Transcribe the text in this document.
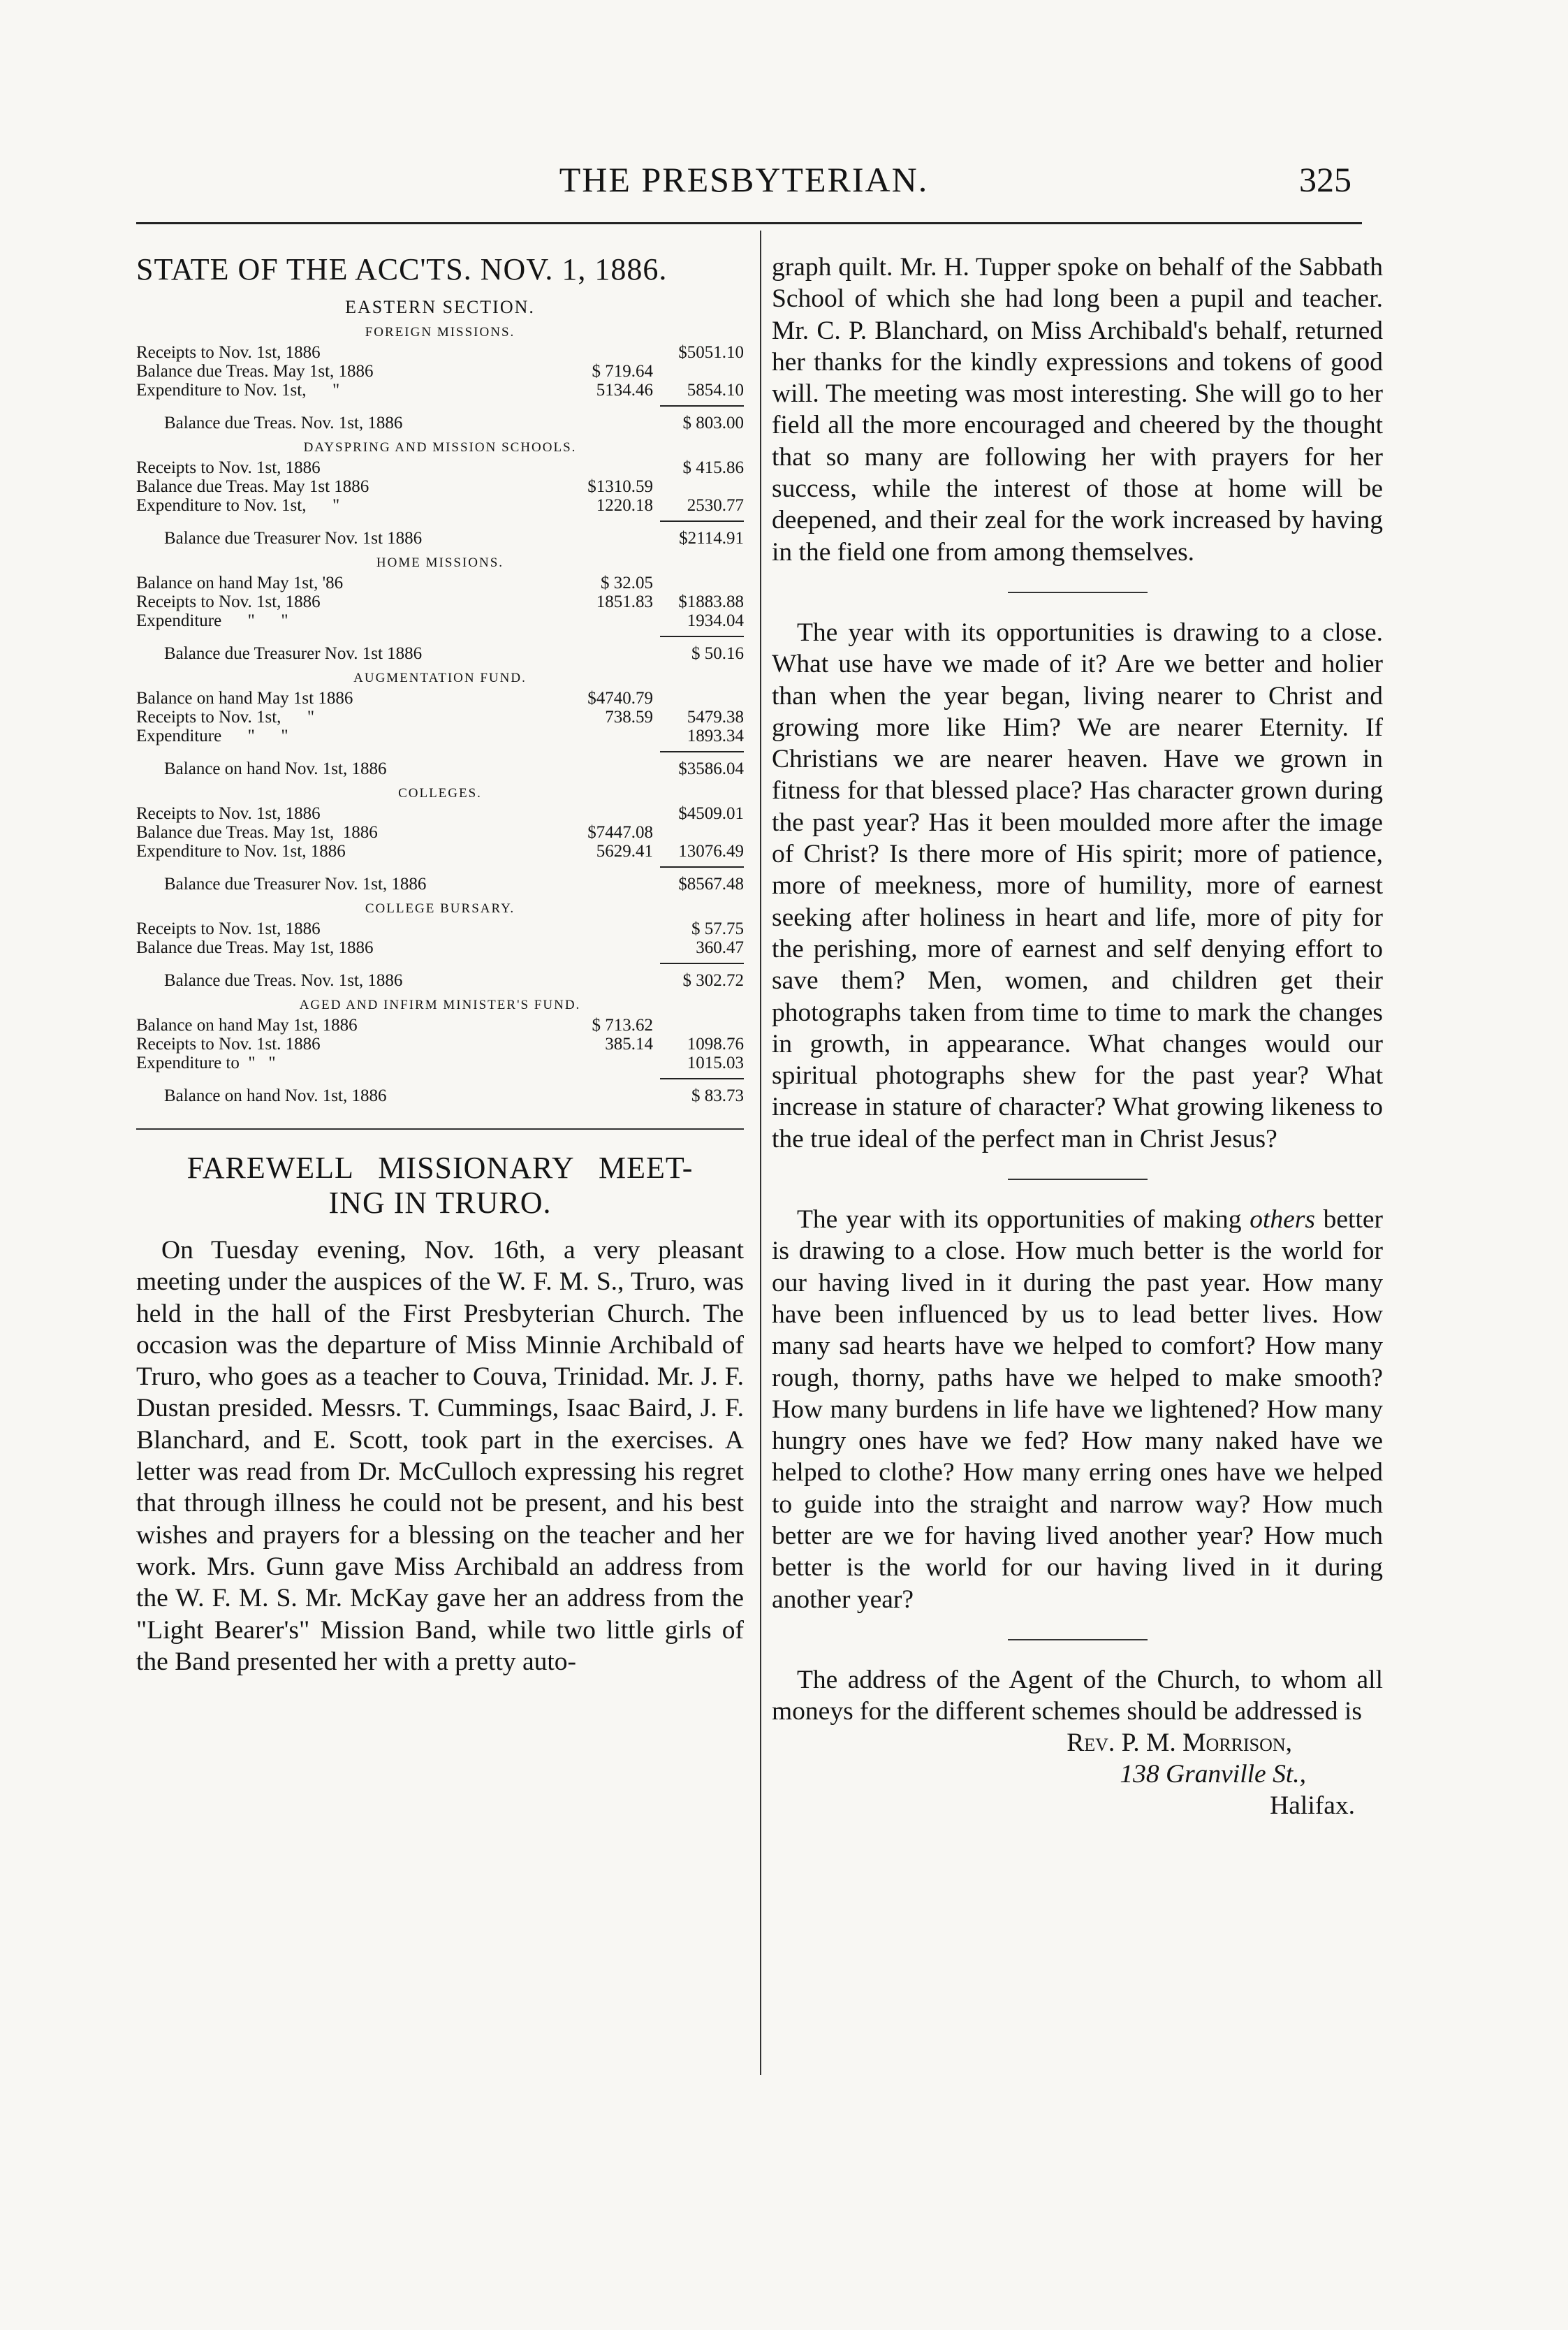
THE PRESBYTERIAN.	325
STATE OF THE ACC'TS. NOV. 1, 1886.
EASTERN SECTION.
FOREIGN MISSIONS.
Receipts to Nov. 1st, 1886	$5051.10
Balance due Treas. May 1st, 1886	$ 719.64
Expenditure to Nov. 1st,      "	5134.46 5854.10
Balance due Treas. Nov. 1st, 1886	$ 803.00
DAYSPRING AND MISSION SCHOOLS.
Receipts to Nov. 1st, 1886	$ 415.86
Balance due Treas. May 1st 1886	$1310.59
Expenditure to Nov. 1st,      "	1220.18 2530.77
Balance due Treasurer Nov. 1st 1886	$2114.91
HOME MISSIONS.
Balance on hand May 1st, '86	$ 32.05
Receipts to Nov. 1st, 1886	1851.83 $1883.88
Expenditure      "      "	1934.04
Balance due Treasurer Nov. 1st 1886	$ 50.16
AUGMENTATION FUND.
Balance on hand May 1st 1886	$4740.79
Receipts to Nov. 1st,      "	738.59 5479.38
Expenditure      "      "	1893.34
Balance on hand Nov. 1st, 1886	$3586.04
COLLEGES.
Receipts to Nov. 1st, 1886	$4509.01
Balance due Treas. May 1st,  1886	$7447.08
Expenditure to Nov. 1st, 1886	5629.41 13076.49
Balance due Treasurer Nov. 1st, 1886	$8567.48
COLLEGE BURSARY.
Receipts to Nov. 1st, 1886	$ 57.75
Balance due Treas. May 1st, 1886	360.47
Balance due Treas. Nov. 1st, 1886	$ 302.72
AGED AND INFIRM MINISTER'S FUND.
Balance on hand May 1st, 1886	$ 713.62
Receipts to Nov. 1st. 1886	385.14 1098.76
Expenditure to  "   "	1015.03
Balance on hand Nov. 1st, 1886	$ 83.73
FAREWELL   MISSIONARY   MEET-
ING IN TRURO.

On Tuesday evening, Nov. 16th, a very pleasant meeting under the auspices of the W. F. M. S., Truro, was held in the hall of the First Presbyterian Church. The occasion was the departure of Miss Minnie Archibald of Truro, who goes as a teacher to Couva, Trinidad. Mr. J. F. Dustan presided. Messrs. T. Cummings, Isaac Baird, J. F. Blanchard, and E. Scott, took part in the exercises. A letter was read from Dr. McCulloch expressing his regret that through illness he could not be present, and his best wishes and prayers for a blessing on the teacher and her work. Mrs. Gunn gave Miss Archibald an address from the W. F. M. S. Mr. McKay gave her an address from the "Light Bearer's" Mission Band, while two little girls of the Band presented her with a pretty auto-

graph quilt. Mr. H. Tupper spoke on behalf of the Sabbath School of which she had long been a pupil and teacher. Mr. C. P. Blanchard, on Miss Archibald's behalf, returned her thanks for the kindly expressions and tokens of good will. The meeting was most interesting. She will go to her field all the more encouraged and cheered by the thought that so many are following her with prayers for her success, while the interest of those at home will be deepened, and their zeal for the work increased by having in the field one from among themselves.

The year with its opportunities is drawing to a close. What use have we made of it? Are we better and holier than when the year began, living nearer to Christ and growing more like Him? We are nearer Eternity. If Christians we are nearer heaven. Have we grown in fitness for that blessed place? Has character grown during the past year? Has it been moulded more after the image of Christ? Is there more of His spirit; more of patience, more of meekness, more of humility, more of earnest seeking after holiness in heart and life, more of pity for the perishing, more of earnest and self denying effort to save them? Men, women, and children get their photographs taken from time to time to mark the changes in growth, in appearance. What changes would our spiritual photographs shew for the past year? What increase in stature of character? What growing likeness to the true ideal of the perfect man in Christ Jesus?

The year with its opportunities of making others better is drawing to a close. How much better is the world for our having lived in it during the past year. How many have been influenced by us to lead better lives. How many sad hearts have we helped to comfort? How many rough, thorny, paths have we helped to make smooth? How many burdens in life have we lightened? How many hungry ones have we fed? How many naked have we helped to clothe? How many erring ones have we helped to guide into the straight and narrow way? How much better are we for having lived another year? How much better is the world for our having lived in it during another year?

The address of the Agent of the Church, to whom all moneys for the different schemes should be addressed is

Rev. P. M. Morrison,
138 Granville St.,
Halifax.
